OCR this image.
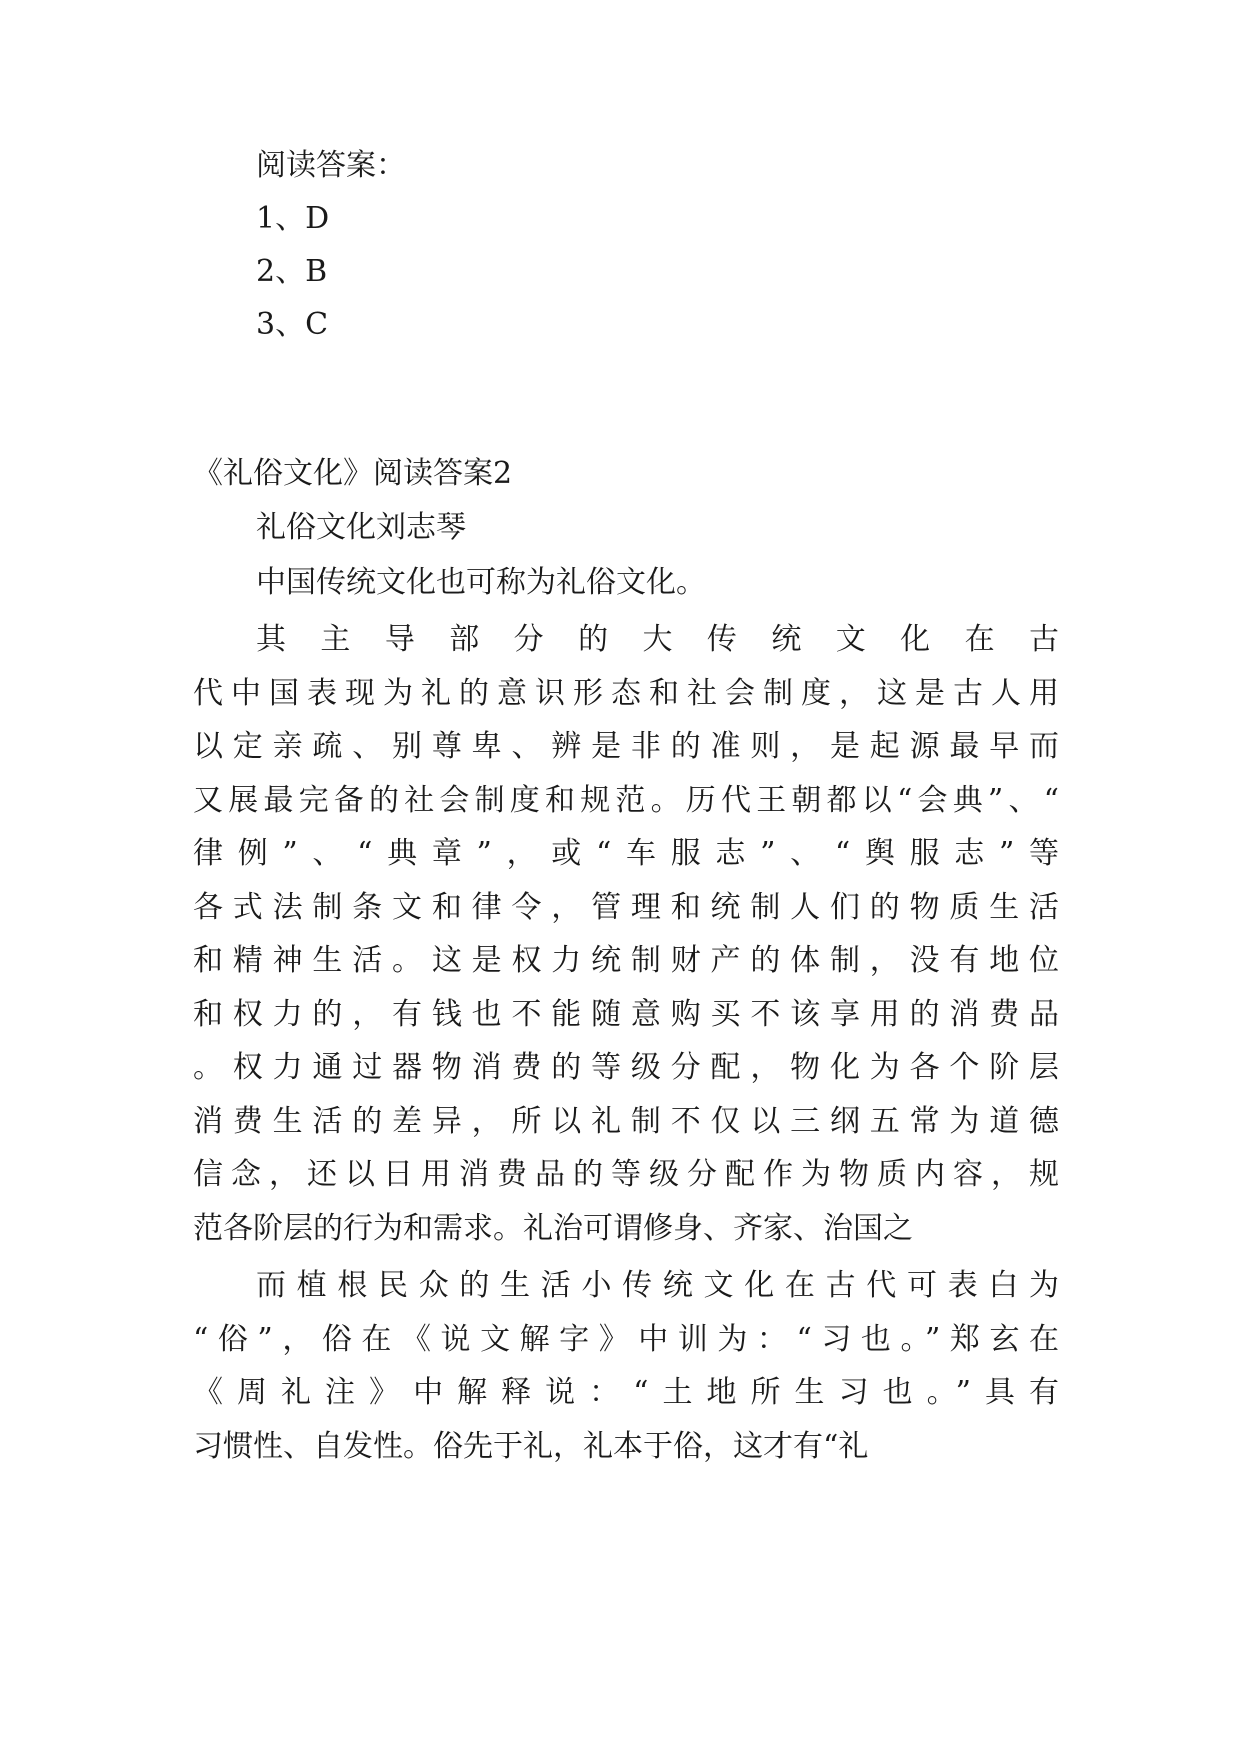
阅读答案：
1、D
2、B
3、C
《礼俗文化》阅读答案2
礼俗文化刘志琴
中国传统文化也可称为礼俗文化。
其主导部分的大传统文化在古
代中国表现为礼的意识形态和社会制度，这是古人用
以定亲疏、别尊卑、辨是非的准则，是起源最早而
又展最完备的社会制度和规范。历代王朝都以“会典”、“
律例”、“典章”，或“车服志”、“舆服志”等
各式法制条文和律令，管理和统制人们的物质生活
和精神生活。这是权力统制财产的体制，没有地位
和权力的，有钱也不能随意购买不该享用的消费品
。权力通过器物消费的等级分配，物化为各个阶层
消费生活的差异，所以礼制不仅以三纲五常为道德
信念，还以日用消费品的等级分配作为物质内容，规
范各阶层的行为和需求。礼治可谓修身、齐家、治国之
而植根民众的生活小传统文化在古代可表白为
“俗”，俗在《说文解字》中训为：“习也。”郑玄在
《周礼注》中解释说：“土地所生习也。”具有
习惯性、自发性。俗先于礼，礼本于俗，这才有“礼
